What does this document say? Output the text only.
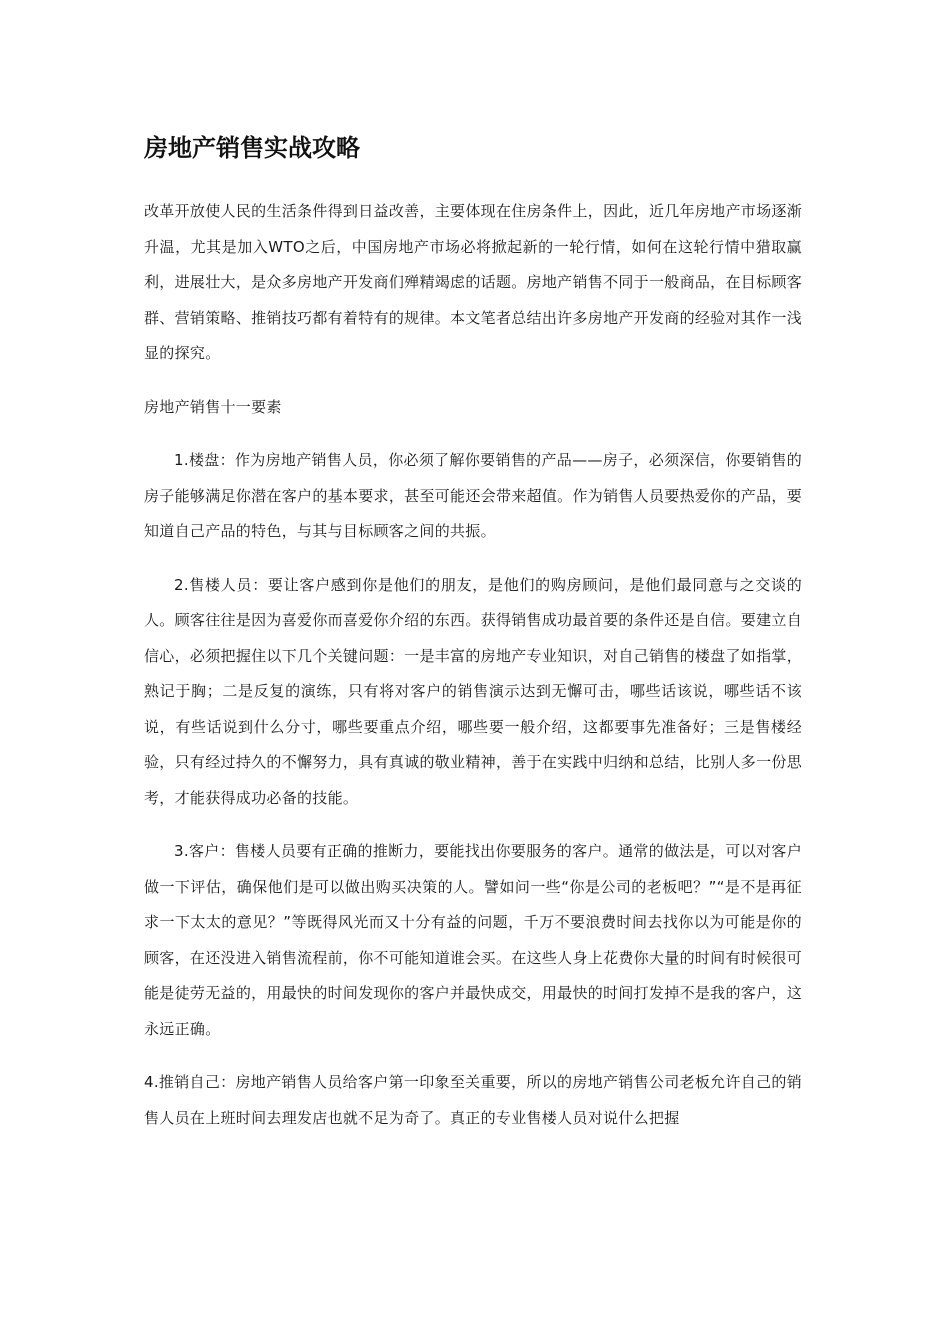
房地产销售实战攻略

改革开放使人民的生活条件得到日益改善，主要体现在住房条件上，因此，近几年房地产市场逐渐升温，尤其是加入WTO之后，中国房地产市场必将掀起新的一轮行情，如何在这轮行情中猎取赢利，进展壮大，是众多房地产开发商们殚精竭虑的话题。房地产销售不同于一般商品，在目标顾客群、营销策略、推销技巧都有着特有的规律。本文笔者总结出许多房地产开发商的经验对其作一浅显的探究。

房地产销售十一要素

1.楼盘：作为房地产销售人员，你必须了解你要销售的产品——房子，必须深信，你要销售的房子能够满足你潜在客户的基本要求，甚至可能还会带来超值。作为销售人员要热爱你的产品，要知道自己产品的特色，与其与目标顾客之间的共振。

2.售楼人员：要让客户感到你是他们的朋友，是他们的购房顾问，是他们最同意与之交谈的人。顾客往往是因为喜爱你而喜爱你介绍的东西。获得销售成功最首要的条件还是自信。要建立自信心，必须把握住以下几个关键问题：一是丰富的房地产专业知识，对自己销售的楼盘了如指掌，熟记于胸；二是反复的演练，只有将对客户的销售演示达到无懈可击，哪些话该说，哪些话不该说，有些话说到什么分寸，哪些要重点介绍，哪些要一般介绍，这都要事先准备好；三是售楼经验，只有经过持久的不懈努力，具有真诚的敬业精神，善于在实践中归纳和总结，比别人多一份思考，才能获得成功必备的技能。

3.客户：售楼人员要有正确的推断力，要能找出你要服务的客户。通常的做法是，可以对客户做一下评估，确保他们是可以做出购买决策的人。譬如问一些“你是公司的老板吧？”“是不是再征求一下太太的意见？”等既得风光而又十分有益的问题，千万不要浪费时间去找你以为可能是你的顾客，在还没进入销售流程前，你不可能知道谁会买。在这些人身上花费你大量的时间有时候很可能是徒劳无益的，用最快的时间发现你的客户并最快成交，用最快的时间打发掉不是我的客户，这永远正确。

4.推销自己：房地产销售人员给客户第一印象至关重要，所以的房地产销售公司老板允许自己的销售人员在上班时间去理发店也就不足为奇了。真正的专业售楼人员对说什么把握
